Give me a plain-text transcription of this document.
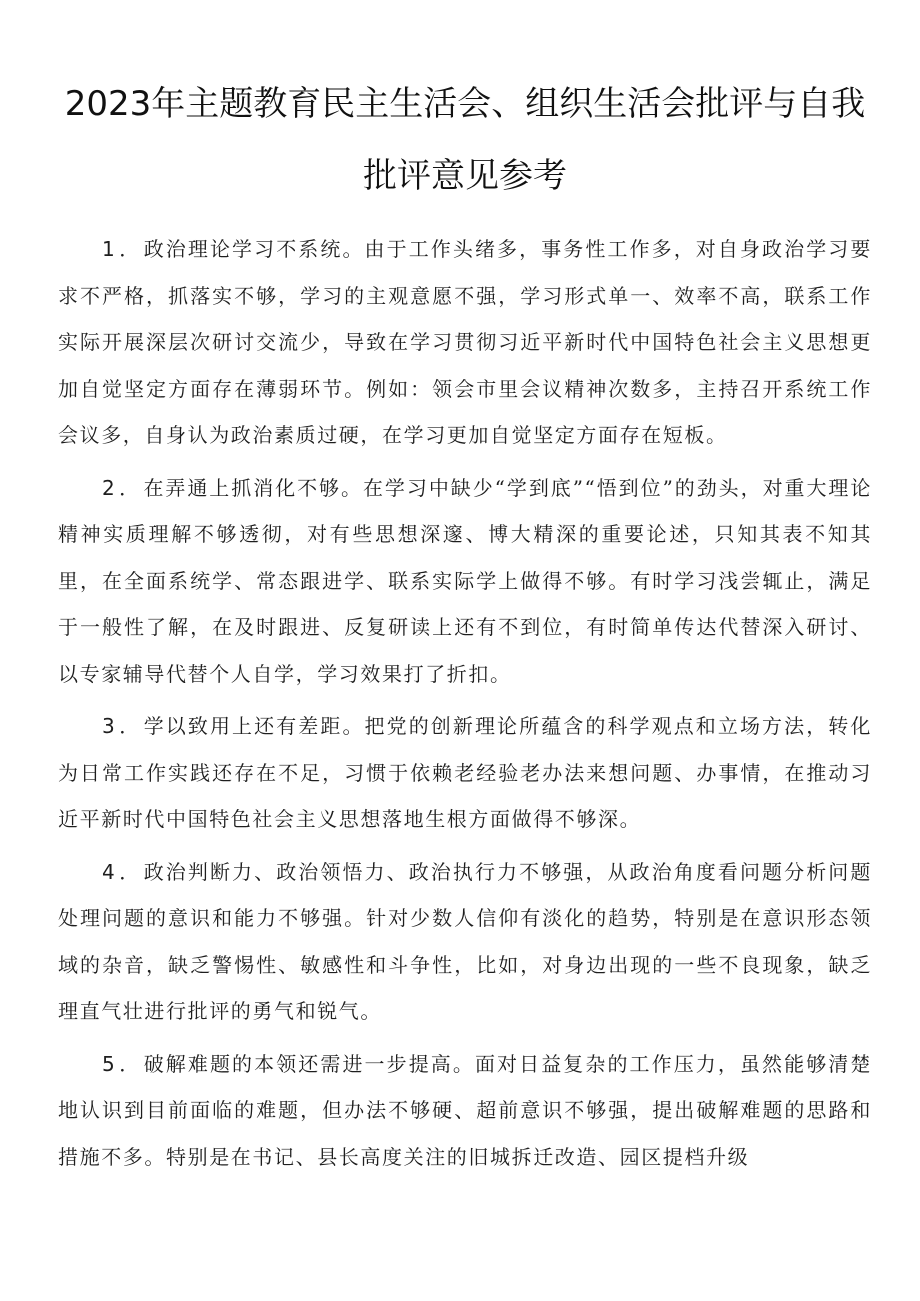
2023年主题教育民主生活会、组织生活会批评与自我批评意见参考

1．政治理论学习不系统。由于工作头绪多，事务性工作多，对自身政治学习要求不严格，抓落实不够，学习的主观意愿不强，学习形式单一、效率不高，联系工作实际开展深层次研讨交流少，导致在学习贯彻习近平新时代中国特色社会主义思想更加自觉坚定方面存在薄弱环节。例如：领会市里会议精神次数多，主持召开系统工作会议多，自身认为政治素质过硬，在学习更加自觉坚定方面存在短板。

2．在弄通上抓消化不够。在学习中缺少“学到底”“悟到位”的劲头，对重大理论精神实质理解不够透彻，对有些思想深邃、博大精深的重要论述，只知其表不知其里，在全面系统学、常态跟进学、联系实际学上做得不够。有时学习浅尝辄止，满足于一般性了解，在及时跟进、反复研读上还有不到位，有时简单传达代替深入研讨、以专家辅导代替个人自学，学习效果打了折扣。

3．学以致用上还有差距。把党的创新理论所蕴含的科学观点和立场方法，转化为日常工作实践还存在不足，习惯于依赖老经验老办法来想问题、办事情，在推动习近平新时代中国特色社会主义思想落地生根方面做得不够深。

4．政治判断力、政治领悟力、政治执行力不够强，从政治角度看问题分析问题处理问题的意识和能力不够强。针对少数人信仰有淡化的趋势，特别是在意识形态领域的杂音，缺乏警惕性、敏感性和斗争性，比如，对身边出现的一些不良现象，缺乏理直气壮进行批评的勇气和锐气。

5．破解难题的本领还需进一步提高。面对日益复杂的工作压力，虽然能够清楚地认识到目前面临的难题，但办法不够硬、超前意识不够强，提出破解难题的思路和措施不多。特别是在书记、县长高度关注的旧城拆迁改造、园区提档升级
